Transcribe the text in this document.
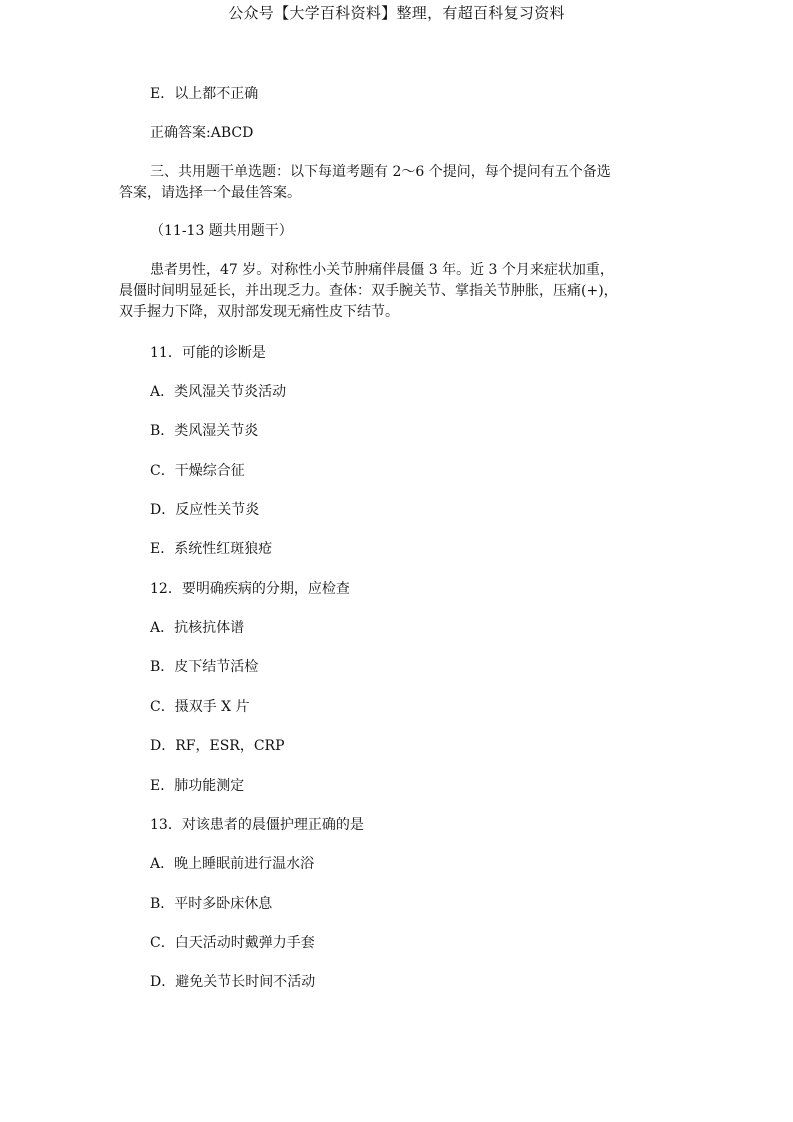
公众号【大学百科资料】整理，有超百科复习资料
E．以上都不正确
正确答案:ABCD
三、共用题干单选题：以下每道考题有 2～6 个提问，每个提问有五个备选
答案，请选择一个最佳答案。
（11-13 题共用题干）
患者男性，47 岁。对称性小关节肿痛伴晨僵 3 年。近 3 个月来症状加重，
晨僵时间明显延长，并出现乏力。查体：双手腕关节、掌指关节肿胀，压痛(+)，
双手握力下降，双肘部发现无痛性皮下结节。
11．可能的诊断是
A．类风湿关节炎活动
B．类风湿关节炎
C．干燥综合征
D．反应性关节炎
E．系统性红斑狼疮
12．要明确疾病的分期，应检查
A．抗核抗体谱
B．皮下结节活检
C．摄双手 X 片
D．RF，ESR，CRP
E．肺功能测定
13．对该患者的晨僵护理正确的是
A．晚上睡眠前进行温水浴
B．平时多卧床休息
C．白天活动时戴弹力手套
D．避免关节长时间不活动
